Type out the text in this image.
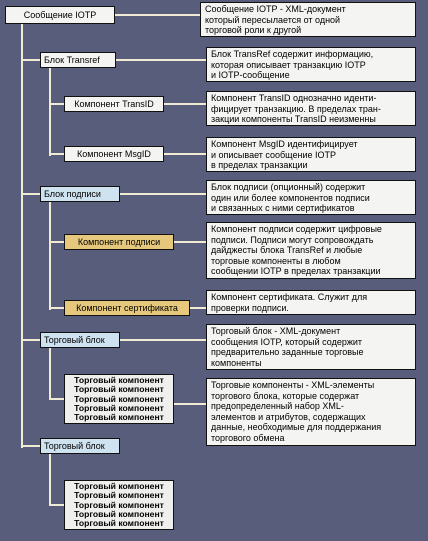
Сообщение IOTP
Блок Transref
Компонент TransID
Компонент MsgID
Блок подписи
Компонент подписи
Компонент сертификата
Торговый блок
Торговый компонент
Торговый компонент
Торговый компонент
Торговый компонент
Торговый компонент
Торговый блок
Торговый компонент
Торговый компонент
Торговый компонент
Торговый компонент
Торговый компонент
Сообщение IOTP - XML-документ
который пересылается от одной
торговой роли к другой
Блок TransRef содержит информацию,
которая описывает транзакцию IOTP
и IOTP-сообщение
Компонент TransID однозначно иденти-
фицирует транзакцию. В пределах тран-
закции компоненты TransID неизменны
Компонент MsgID идентифицирует
и описывает сообщение IOTP
в пределах транзакции
Блок подписи (опционный) содержит
один или более компонентов подписи
и связанных с ними сертификатов
Компонент подписи содержит цифровые
подписи. Подписи могут сопровождать
дайджесты блока TransRef и любые
торговые компоненты в любом
сообщении IOTP в пределах транзакции
Компонент сертификата. Служит для
проверки подписи.
Торговый блок - XML-документ
сообщения IOTP, который содержит
предварительно заданные торговые
компоненты
Торговые компоненты - XML-элементы
торгового блока, которые содержат
предопределенный набор XML-
элементов и атрибутов, содержащих
данные, необходимые для поддержания
торгового обмена
